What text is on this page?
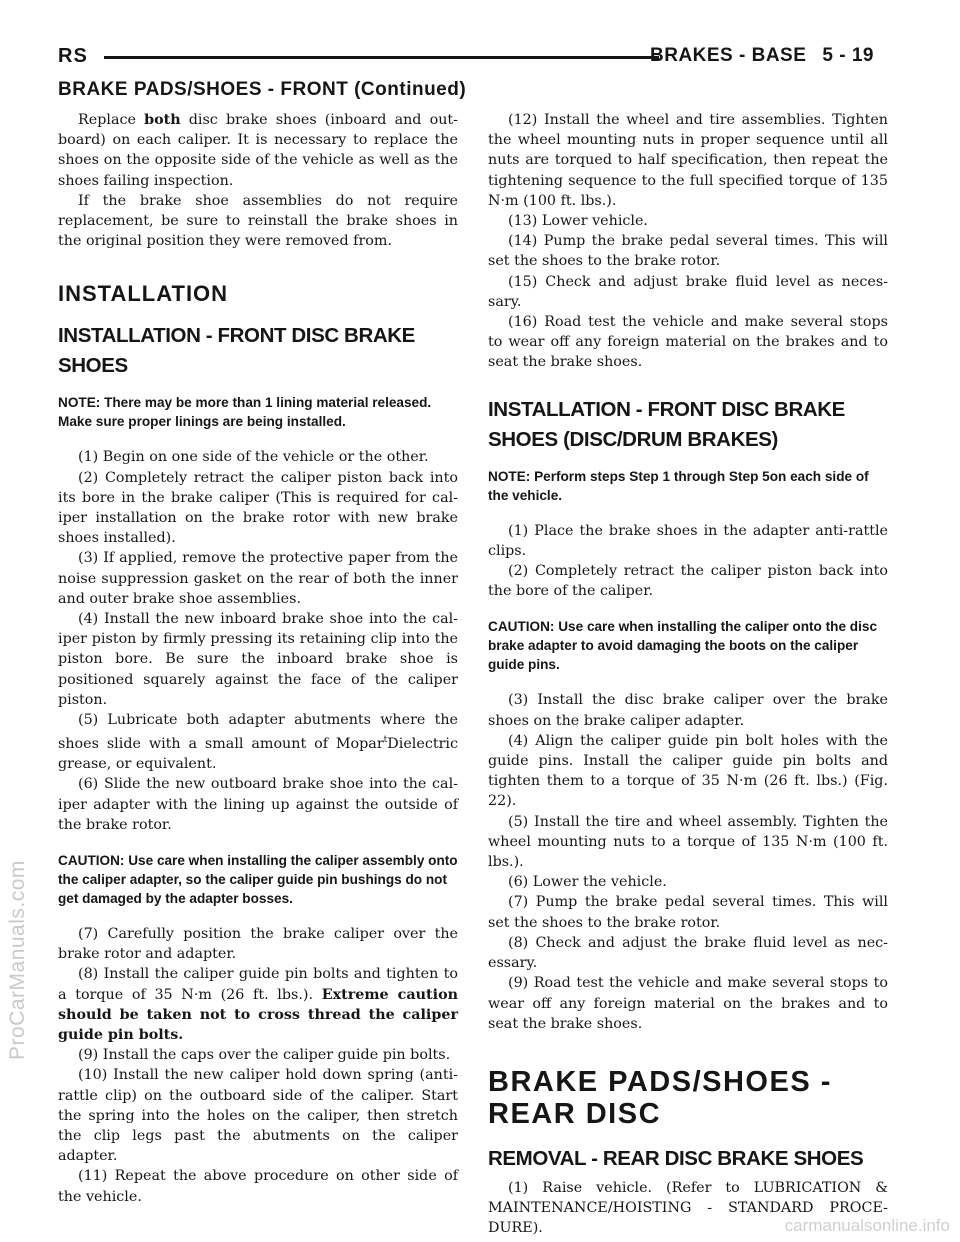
RS	BRAKES - BASE 5 - 19
BRAKE PADS/SHOES - FRONT (Continued)

Replace both disc brake shoes (inboard and out-board) on each caliper. It is necessary to replace the shoes on the opposite side of the vehicle as well as the shoes failing inspection.

If the brake shoe assemblies do not require replacement, be sure to reinstall the brake shoes in the original position they were removed from.

INSTALLATION
INSTALLATION - FRONT DISC BRAKE SHOES

NOTE: There may be more than 1 lining material released. Make sure proper linings are being installed.

(1) Begin on one side of the vehicle or the other.

(2) Completely retract the caliper piston back into its bore in the brake caliper (This is required for cal-iper installation on the brake rotor with new brake shoes installed).

(3) If applied, remove the protective paper from the noise suppression gasket on the rear of both the inner and outer brake shoe assemblies.

(4) Install the new inboard brake shoe into the cal-iper piston by firmly pressing its retaining clip into the piston bore. Be sure the inboard brake shoe is positioned squarely against the face of the caliper piston.

(5) Lubricate both adapter abutments where the shoes slide with a small amount of Mopar$^t$Dielectric grease, or equivalent.

(6) Slide the new outboard brake shoe into the cal-iper adapter with the lining up against the outside of the brake rotor.

CAUTION: Use care when installing the caliper assembly onto the caliper adapter, so the caliper guide pin bushings do not get damaged by the adapter bosses.

(7) Carefully position the brake caliper over the brake rotor and adapter.

(8) Install the caliper guide pin bolts and tighten to a torque of 35 N·m (26 ft. lbs.). Extreme caution should be taken not to cross thread the caliper guide pin bolts.

(9) Install the caps over the caliper guide pin bolts.

(10) Install the new caliper hold down spring (anti-rattle clip) on the outboard side of the caliper. Start the spring into the holes on the caliper, then stretch the clip legs past the abutments on the caliper adapter.

(11) Repeat the above procedure on other side of the vehicle.

(12) Install the wheel and tire assemblies. Tighten the wheel mounting nuts in proper sequence until all nuts are torqued to half specification, then repeat the tightening sequence to the full specified torque of 135 N·m (100 ft. lbs.).

(13) Lower vehicle.

(14) Pump the brake pedal several times. This will set the shoes to the brake rotor.

(15) Check and adjust brake fluid level as neces-sary.

(16) Road test the vehicle and make several stops to wear off any foreign material on the brakes and to seat the brake shoes.

INSTALLATION - FRONT DISC BRAKE SHOES (DISC/DRUM BRAKES)

NOTE: Perform steps Step 1 through Step 5on each side of the vehicle.

(1) Place the brake shoes in the adapter anti-rattle clips.

(2) Completely retract the caliper piston back into the bore of the caliper.

CAUTION: Use care when installing the caliper onto the disc brake adapter to avoid damaging the boots on the caliper guide pins.

(3) Install the disc brake caliper over the brake shoes on the brake caliper adapter.

(4) Align the caliper guide pin bolt holes with the guide pins. Install the caliper guide pin bolts and tighten them to a torque of 35 N·m (26 ft. lbs.) (Fig. 22).

(5) Install the tire and wheel assembly. Tighten the wheel mounting nuts to a torque of 135 N·m (100 ft. lbs.).

(6) Lower the vehicle.

(7) Pump the brake pedal several times. This will set the shoes to the brake rotor.

(8) Check and adjust the brake fluid level as nec-essary.

(9) Road test the vehicle and make several stops to wear off any foreign material on the brakes and to seat the brake shoes.

BRAKE PADS/SHOES - REAR DISC
REMOVAL - REAR DISC BRAKE SHOES

(1) Raise vehicle. (Refer to LUBRICATION & MAINTENANCE/HOISTING - STANDARD PROCE-DURE).

ProCarManuals.com
carmanualsonline.info
